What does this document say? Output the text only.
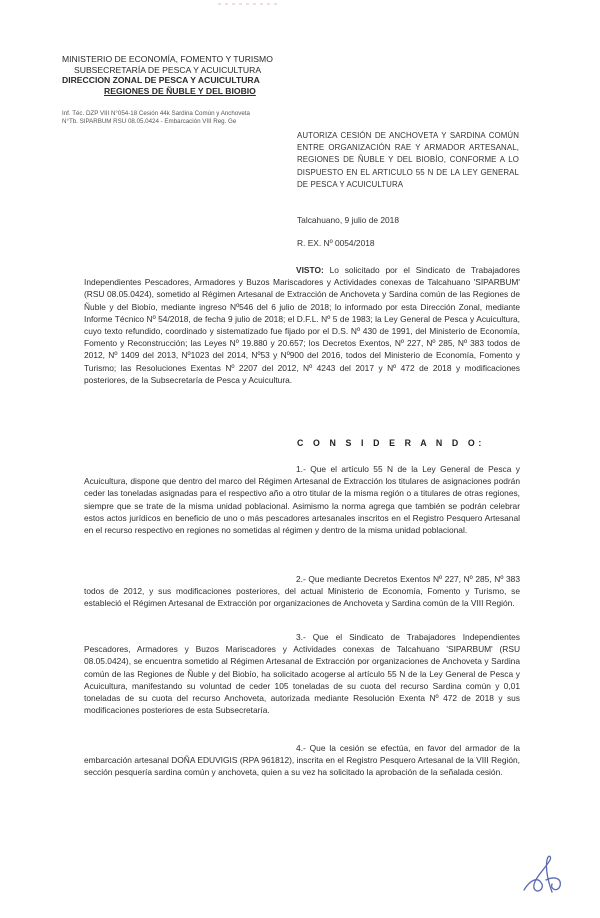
MINISTERIO DE ECONOMÍA, FOMENTO Y TURISMO
SUBSECRETARÍA DE PESCA Y ACUICULTURA
DIRECCION ZONAL DE PESCA Y ACUICULTURA
REGIONES DE ÑUBLE Y DEL BIOBIO
Inf. Téc. DZP VIII N°054-18 Cesión 44k Sardina Común y Anchoveta
N°Tb. SIPARBUM RSU 08.05.0424 - Embarcación VIII Reg. Ge
AUTORIZA CESIÓN DE ANCHOVETA Y SARDINA COMÚN ENTRE ORGANIZACIÓN RAE Y ARMADOR ARTESANAL, REGIONES DE ÑUBLE Y DEL BIOBÍO, CONFORME A LO DISPUESTO EN EL ARTICULO 55 N DE LA LEY GENERAL DE PESCA Y ACUICULTURA
Talcahuano, 9 julio de 2018
R. EX. Nº 0054/2018

VISTO: Lo solicitado por el Sindicato de Trabajadores Independientes Pescadores, Armadores y Buzos Mariscadores y Actividades conexas de Talcahuano 'SIPARBUM' (RSU 08.05.0424), sometido al Régimen Artesanal de Extracción de Anchoveta y Sardina común de las Regiones de Ñuble y del Biobío, mediante ingreso Nº546 del 6 julio de 2018; lo informado por esta Dirección Zonal, mediante Informe Técnico Nº 54/2018, de fecha 9 julio de 2018; el D.F.L. Nº 5 de 1983; la Ley General de Pesca y Acuicultura, cuyo texto refundido, coordinado y sistematizado fue fijado por el D.S. Nº 430 de 1991, del Ministerio de Economía, Fomento y Reconstrucción; las Leyes Nº 19.880 y 20.657; los Decretos Exentos, Nº 227, Nº 285, Nº 383 todos de 2012, Nº 1409 del 2013, Nº1023 del 2014, Nº53 y Nº900 del 2016, todos del Ministerio de Economía, Fomento y Turismo; las Resoluciones Exentas Nº 2207 del 2012, Nº 4243 del 2017 y Nº 472 de 2018 y modificaciones posteriores, de la Subsecretaría de Pesca y Acuicultura.

C O N S I D E R A N D O:

1.- Que el artículo 55 N de la Ley General de Pesca y Acuicultura, dispone que dentro del marco del Régimen Artesanal de Extracción los titulares de asignaciones podrán ceder las toneladas asignadas para el respectivo año a otro titular de la misma región o a titulares de otras regiones, siempre que se trate de la misma unidad poblacional. Asimismo la norma agrega que también se podrán celebrar estos actos jurídicos en beneficio de uno o más pescadores artesanales inscritos en el Registro Pesquero Artesanal en el recurso respectivo en regiones no sometidas al régimen y dentro de la misma unidad poblacional.

2.- Que mediante Decretos Exentos Nº 227, Nº 285, Nº 383 todos de 2012, y sus modificaciones posteriores, del actual Ministerio de Economía, Fomento y Turismo, se estableció el Régimen Artesanal de Extracción por organizaciones de Anchoveta y Sardina común de la VIII Región.

3.- Que el Sindicato de Trabajadores Independientes Pescadores, Armadores y Buzos Mariscadores y Actividades conexas de Talcahuano 'SIPARBUM' (RSU 08.05.0424), se encuentra sometido al Régimen Artesanal de Extracción por organizaciones de Anchoveta y Sardina común de las Regiones de Ñuble y del Biobío, ha solicitado acogerse al artículo 55 N de la Ley General de Pesca y Acuicultura, manifestando su voluntad de ceder 105 toneladas de su cuota del recurso Sardina común y 0,01 toneladas de su cuota del recurso Anchoveta, autorizada mediante Resolución Exenta Nº 472 de 2018 y sus modificaciones posteriores de esta Subsecretaría.

4.- Que la cesión se efectúa, en favor del armador de la embarcación artesanal DOÑA EDUVIGIS (RPA 961812), inscrita en el Registro Pesquero Artesanal de la VIII Región, sección pesquería sardina común y anchoveta, quien a su vez ha solicitado la aprobación de la señalada cesión.
